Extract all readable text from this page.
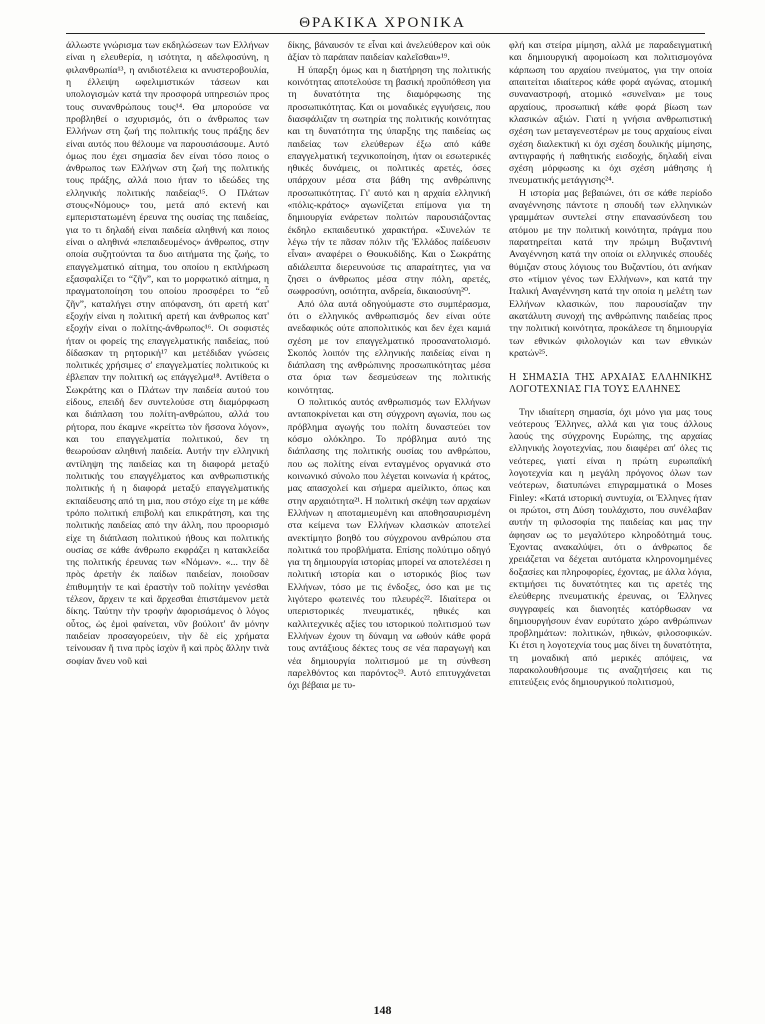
ΘΡΑΚΙΚΑ ΧΡΟΝΙΚΑ

άλλωστε γνώρισμα των εκδηλώσεων των Ελλήνων είναι η ελευθερία, η ισότητα, η αδελφοσύνη, η φιλανθρωπία¹³, η ανιδιοτέλεια κι ανυστεροβουλία, η έλλειψη ωφελιμιστικών τάσεων και υπολογισμών κατά την προσφορά υπηρεσιών προς τους συνανθρώπους τους¹⁴. Θα μπορούσε να προβληθεί ο ισχυρισμός, ότι ο άνθρωπος των Ελλήνων στη ζωή της πολιτικής τους πράξης δεν είναι αυτός που θέλουμε να παρουσιάσουμε. Αυτό όμως που έχει σημασία δεν είναι τόσο ποιος ο άνθρωπος των Ελλήνων στη ζωή της πολιτικής τους πράξης, αλλά ποιο ήταν το ιδεώδες της ελληνικής πολιτικής παιδείας¹⁵. Ο Πλάτων στους«Νόμους» του, μετά από εκτενή και εμπεριστατωμένη έρευνα της ουσίας της παιδείας, για το τι δηλαδή είναι παιδεία αληθινή και ποιος είναι ο αληθινά «πεπαιδευμένος» άνθρωπος, στην οποία συζητούνται τα δυο αιτήματα της ζωής, το επαγγελματικό αίτημα, του οποίου η εκπλήρωση εξασφαλίζει το “ζῆν”, και το μορφωτικό αίτημα, η πραγματοποίηση του οποίου προσφέρει το “εὖ ζῆν”, καταλήγει στην απόφανση, ότι αρετή κατ' εξοχήν είναι η πολιτική αρετή και άνθρωπος κατ' εξοχήν είναι ο πολίτης-άνθρωπος¹⁶. Οι σοφιστές ήταν οι φορείς της επαγγελματικής παιδείας, πού δίδασκαν τη ρητορική¹⁷ και μετέδιδαν γνώσεις πολιτικές χρήσιμες σ' επαγγελματίες πολιτικούς κι έβλεπαν την πολιτική ως επάγγελμα¹⁸. Αντίθετα ο Σωκράτης και ο Πλάτων την παιδεία αυτού του είδους, επειδή δεν συντελούσε στη διαμόρφωση και διάπλαση του πολίτη-ανθρώπου, αλλά του ρήτορα, που έκαμνε «κρείττω τὸν ἥσσονα λόγον», και του επαγγελματία πολιτικού, δεν τη θεωρούσαν αληθινή παιδεία. Αυτήν την ελληνική αντίληψη της παιδείας και τη διαφορά μεταξύ πολιτικής του επαγγέλματος και ανθρωπιστικής πολιτικής ή η διαφορά μεταξύ επαγγελματικής εκπαίδευσης από τη μια, που στόχο είχε τη με κάθε τρόπο πολιτική επιβολή και επικράτηση, και της πολιτικής παιδείας από την άλλη, που προορισμό είχε τη διάπλαση πολιτικού ήθους και πολιτικής ουσίας σε κάθε άνθρωπο εκφράζει η κατακλείδα της πολιτικής έρευνας των «Νόμων». «... την δὲ πρὸς ἀρετὴν ἐκ παίδων παιδείαν, ποιοῦσαν ἐπιθυμητήν τε καὶ ἐραστὴν τοῦ πολίτην γενέσθαι τέλεον, ἄρχειν τε καὶ ἄρχεσθαι ἐπιστάμενον μετὰ δίκης. Ταύτην τὴν τροφὴν ἀφορισάμενος ὁ λόγος οὗτος, ὡς ἐμοὶ φαίνεται, νῦν βούλοιτ' ἂν μόνην παιδείαν προσαγορεύειν, τὴν δὲ εἰς χρήματα τείνουσαν ἤ τινα πρὸς ἰσχὺν ἢ καὶ πρὸς ἄλλην τινὰ σοφίαν ἄνευ νοῦ καὶ

δίκης, βάναυσόν τε εἶναι καὶ ἀνελεύθερον καὶ οὐκ ἀξίαν τὸ παράπαν παιδείαν καλεῖσθαι»¹⁹.

Η ύπαρξη όμως και η διατήρηση της πολιτικής κοινότητας αποτελούσε τη βασική προϋπόθεση για τη δυνατότητα της διαμόρφωσης της προσωπικότητας. Και οι μοναδικές εγγυήσεις, που διασφάλιζαν τη σωτηρία της πολιτικής κοινότητας και τη δυνατότητα της ύπαρξης της παιδείας ως παιδείας των ελεύθερων έξω από κάθε επαγγελματική τεχνικοποίηση, ήταν οι εσωτερικές ηθικές δυνάμεις, οι πολιτικές αρετές, όσες υπάρχουν μέσα στα βάθη της ανθρώπινης προσωπικότητας. Γι' αυτό και η αρχαία ελληνική «πόλις-κράτος» αγωνίζεται επίμονα για τη δημιουργία ενάρετων πολιτών παρουσιάζοντας έκδηλο εκπαιδευτικό χαρακτήρα. «Συνελών τε λέγω τήν τε πᾶσαν πόλιν τῆς Ἑλλάδος παίδευσιν εἶναι» αναφέρει ο Θουκυδίδης. Και ο Σωκράτης αδιάλειπτα διερευνούσε τις απαραίτητες, για να ζησει ο άνθρωπος μέσα στην πόλη, αρετές, σωφροσύνη, οσιότητα, ανδρεία, δικαιοσύνη²⁰.

Από όλα αυτά οδηγούμαστε στο συμπέρασμα, ότι ο ελληνικός ανθρωπισμός δεν είναι ούτε ανεδαφικός ούτε αποπολιτικός και δεν έχει καμιά σχέση με τον επαγγελματικό προσανατολισμό. Σκοπός λοιπόν της ελληνικής παιδείας είναι η διάπλαση της ανθρώπινης προσωπικότητας μέσα στα όρια των δεσμεύσεων της πολιτικής κοινότητας.

Ο πολιτικός αυτός ανθρωπισμός των Ελλήνων ανταποκρίνεται και στη σύγχρονη αγωνία, που ως πρόβλημα αγωγής του πολίτη δυναστεύει τον κόσμο ολόκληρο. Το πρόβλημα αυτό της διάπλασης της πολιτικής ουσίας του ανθρώπου, που ως πολίτης είναι ενταγμένος οργανικά στο κοινωνικό σύνολο που λέγεται κοινωνία ή κράτος, μας απασχολεί και σήμερα αμείλικτο, όπως και στην αρχαιότητα²¹. Η πολιτική σκέψη των αρχαίων Ελλήνων η αποταμιευμένη και αποθησαυρισμένη στα κείμενα των Ελλήνων κλασικών αποτελεί ανεκτίμητο βοηθό του σύγχρονου ανθρώπου στα πολιτικά του προβλήματα. Επίσης πολύτιμο οδηγό για τη δημιουργία ιστορίας μπορεί να αποτελέσει η πολιτική ιστορία και ο ιστορικός βίος των Ελλήνων, τόσο με τις ένδοξες, όσο και με τις λιγότερο φωτεινές του πλευρές²². Ιδιαίτερα οι υπεριστορικές πνευματικές, ηθικές και καλλιτεχνικές αξίες του ιστορικού πολιτισμού των Ελλήνων έχουν τη δύναμη να ωθούν κάθε φορά τους αντάξιους δέκτες τους σε νέα παραγωγή και νέα δημιουργία πολιτισμού με τη σύνθεση παρελθόντος και παρόντος²³. Αυτό επιτυγχάνεται όχι βέβαια με τυ-

φλή και στείρα μίμηση, αλλά με παραδειγματική και δημιουργική αφομοίωση και πολιτισμογόνα κάρπωση του αρχαίου πνεύματος, για την οποία απαιτείται ιδιαίτερος κάθε φορά αγώνας, ατομική συναναστροφή, ατομικό «συνεῖναι» με τους αρχαίους, προσωπική κάθε φορά βίωση των κλασικών αξιών. Γιατί η γνήσια ανθρωπιστική σχέση των μεταγενεστέρων με τους αρχαίους είναι σχέση διαλεκτική κι όχι σχέση δουλικής μίμησης, αντιγραφής ή παθητικής εισδοχής, δηλαδή είναι σχέση μόρφωσης κι όχι σχέση μάθησης ή πνευματικής μετάγγισης²⁴.

Η ιστορία μας βεβαιώνει, ότι σε κάθε περίοδο αναγέννησης πάντοτε η σπουδή των ελληνικών γραμμάτων συντελεί στην επανασύνδεση του ατόμου με την πολιτική κοινότητα, πράγμα που παρατηρείται κατά την πρώιμη Βυζαντινή Αναγέννηση κατά την οποία οι ελληνικές σπουδές θύμιζαν στους λόγιους του Βυζαντίου, ότι ανήκαν στο «τίμιον γένος των Ελλήνων», και κατά την Ιταλική Αναγέννηση κατά την οποία η μελέτη των Ελλήνων κλασικών, που παρουσίαζαν την ακατάλυτη συνοχή της ανθρώπινης παιδείας προς την πολιτική κοινότητα, προκάλεσε τη δημιουργία των εθνικών φιλολογιών και των εθνικών κρατών²⁵.

Η ΣΗΜΑΣΙΑ ΤΗΣ ΑΡΧΑΙΑΣ ΕΛΛΗΝΙΚΗΣ ΛΟΓΟΤΕΧΝΙΑΣ ΓΙΑ ΤΟΥΣ ΕΛΛΗΝΕΣ

Την ιδιαίτερη σημασία, όχι μόνο για μας τους νεότερους Έλληνες, αλλά και για τους άλλους λαούς της σύγχρονης Ευρώπης, της αρχαίας ελληνικής λογοτεχνίας, που διαφέρει απ' όλες τις νεότερες, γιατί είναι η πρώτη ευρωπαϊκή λογοτεχνία και η μεγάλη πρόγονος όλων των νεότερων, διατυπώνει επιγραμματικά ο Moses Finley: «Κατά ιστορική συντυχία, οι Έλληνες ήταν οι πρώτοι, στη Δύση τουλάχιστο, που συνέλαβαν αυτήν τη φιλοσοφία της παιδείας και μας την άφησαν ως το μεγαλύτερο κληροδότημά τους. Έχοντας ανακαλύψει, ότι ο άνθρωπος δε χρειάζεται να δέχεται αυτόματα κληρονομημένες δοξασίες και πληροφορίες, έχοντας, με άλλα λόγια, εκτιμήσει τις δυνατότητες και τις αρετές της ελεύθερης πνευματικής έρευνας, οι Έλληνες συγγραφείς και διανοητές κατόρθωσαν να δημιουργήσουν έναν ευρύτατο χώρο ανθρώπινων προβλημάτων: πολιτικών, ηθικών, φιλοσοφικών. Κι έτσι η λογοτεχνία τους μας δίνει τη δυνατότητα, τη μοναδική από μερικές απόψεις, να παρακολουθήσουμε τις αναζητήσεις και τις επιτεύξεις ενός δημιουργικού πολιτισμού,

148
